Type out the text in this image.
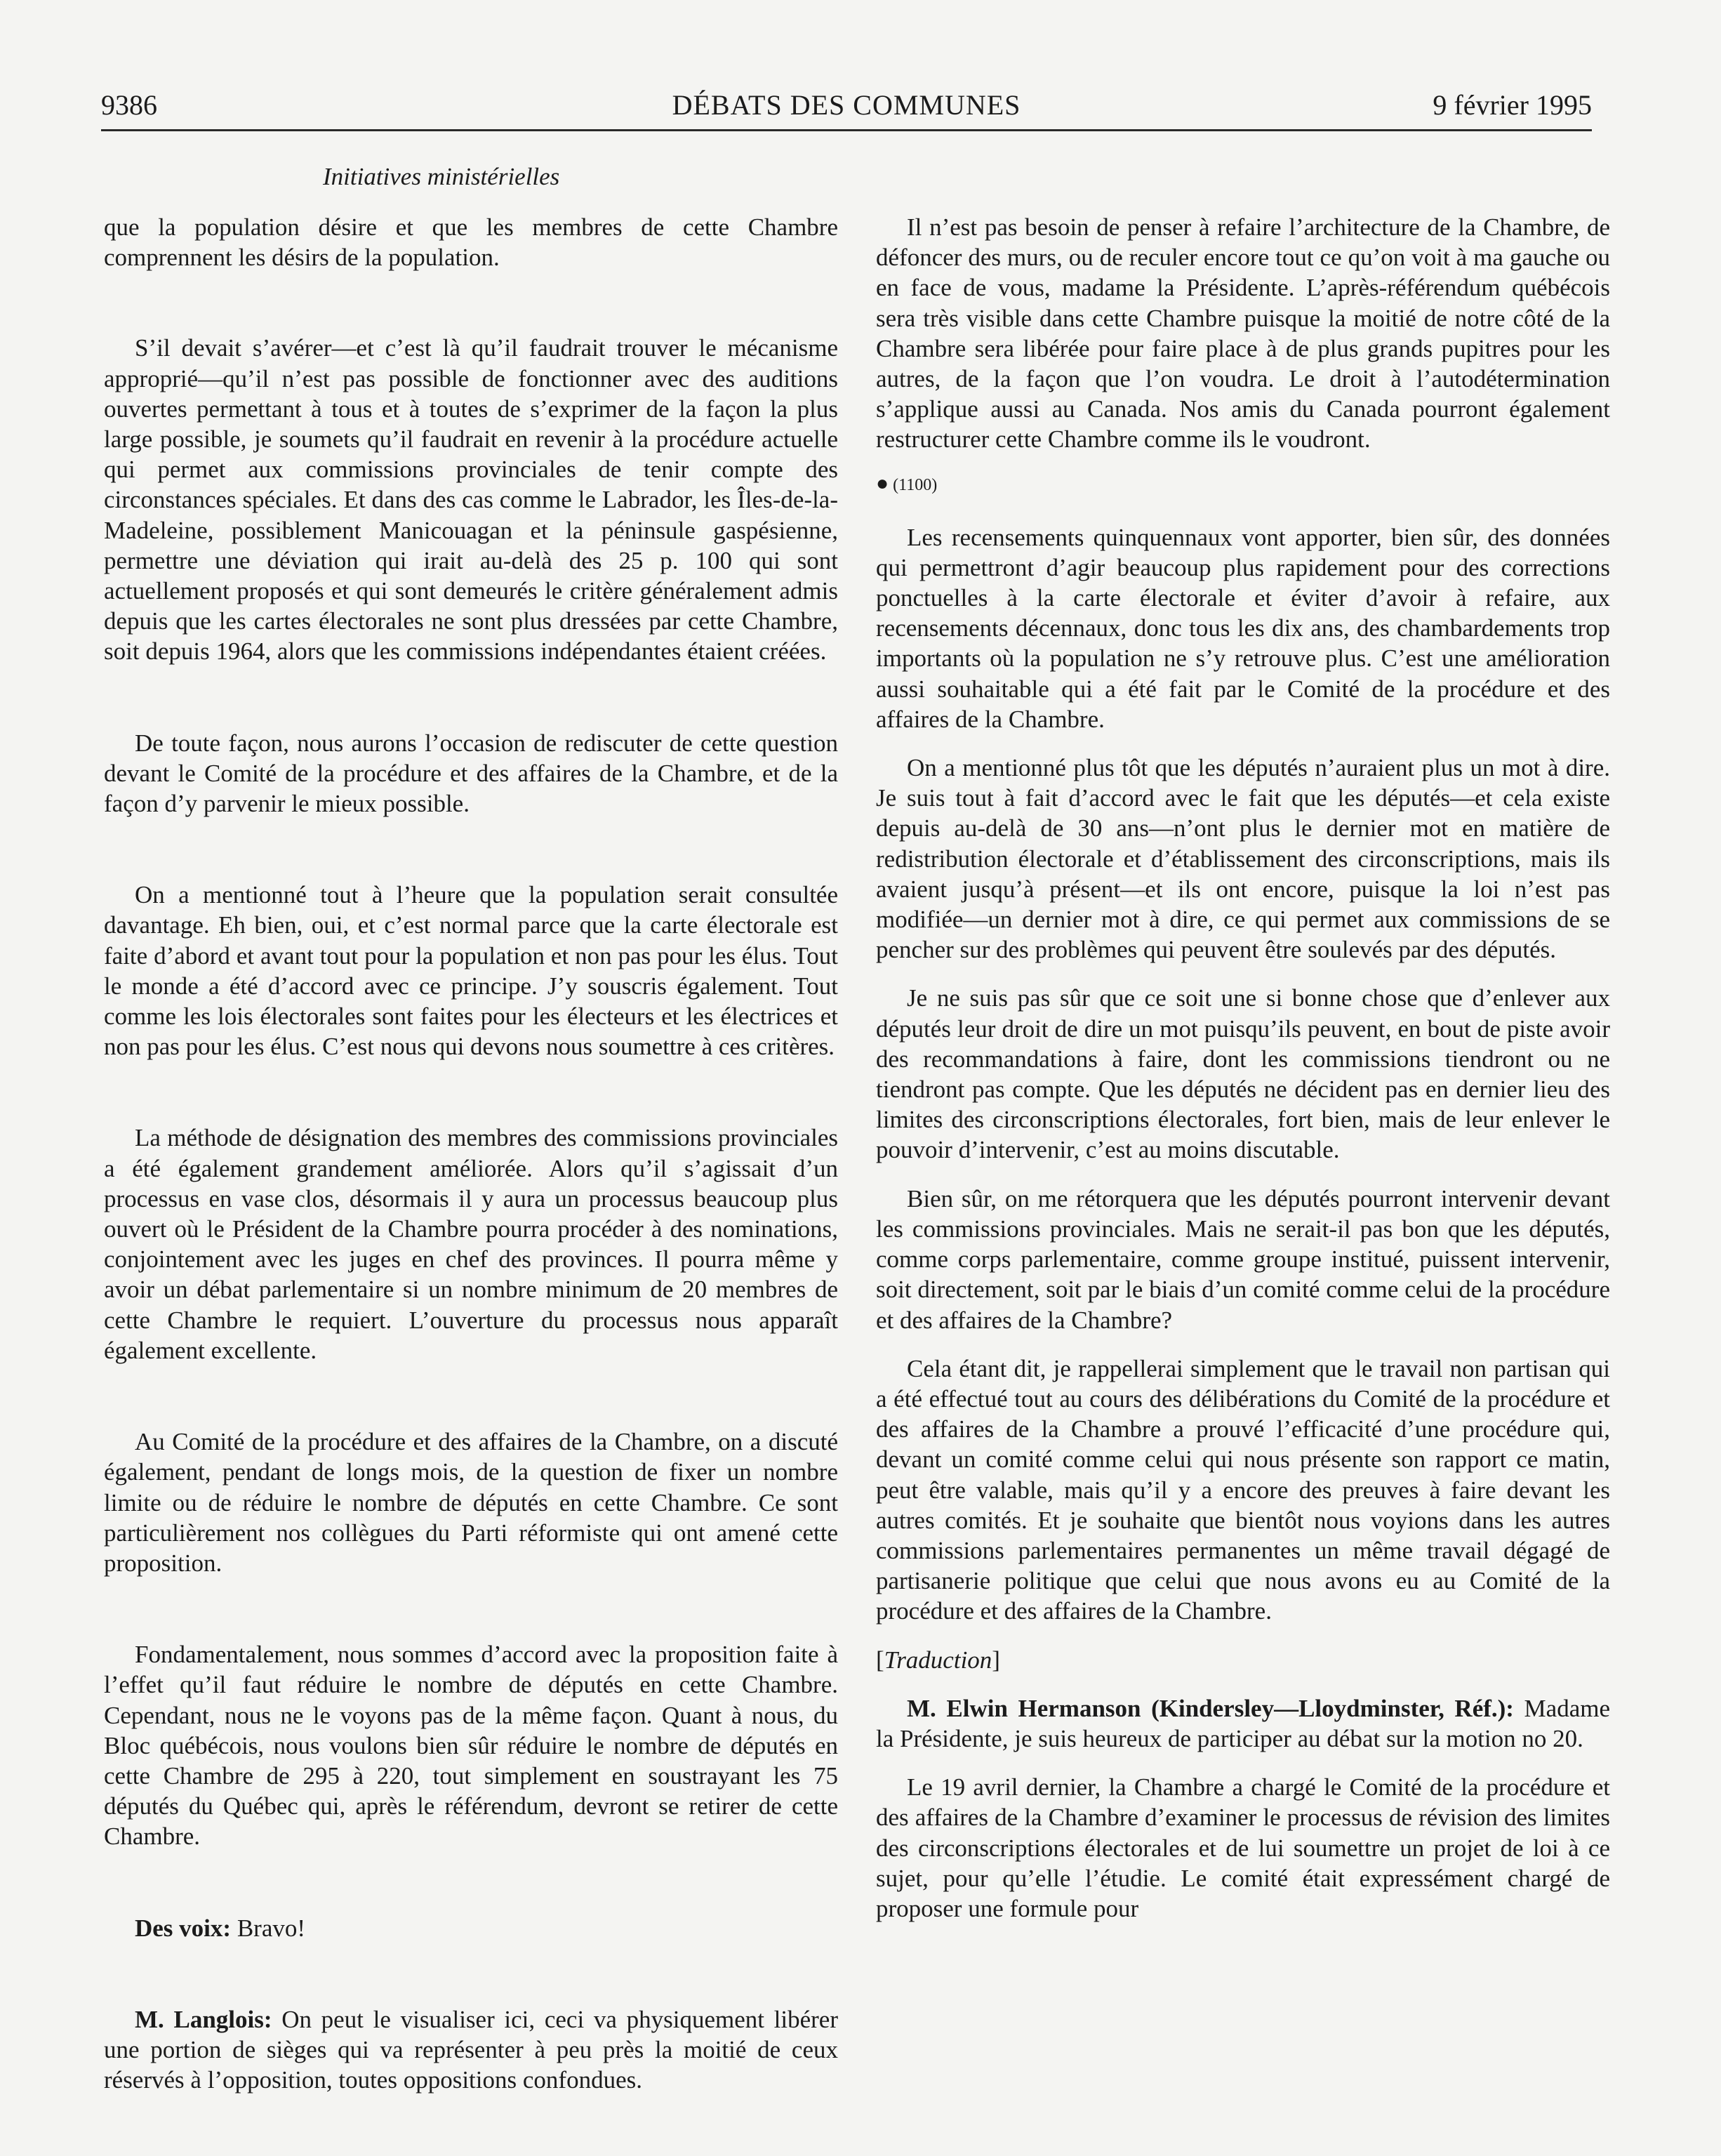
9386	DÉBATS DES COMMUNES	9 février 1995
Initiatives ministérielles

que la population désire et que les membres de cette Chambre comprennent les désirs de la population.

S’il devait s’avérer—et c’est là qu’il faudrait trouver le mécanisme approprié—qu’il n’est pas possible de fonctionner avec des auditions ouvertes permettant à tous et à toutes de s’exprimer de la façon la plus large possible, je soumets qu’il faudrait en revenir à la procédure actuelle qui permet aux commissions provinciales de tenir compte des circonstances spéciales. Et dans des cas comme le Labrador, les Îles-de-la-Madeleine, possiblement Manicouagan et la péninsule gaspésienne, permettre une déviation qui irait au-delà des 25 p. 100 qui sont actuellement proposés et qui sont demeurés le critère généralement admis depuis que les cartes électorales ne sont plus dressées par cette Chambre, soit depuis 1964, alors que les commissions indépendantes étaient créées.

De toute façon, nous aurons l’occasion de rediscuter de cette question devant le Comité de la procédure et des affaires de la Chambre, et de la façon d’y parvenir le mieux possible.

On a mentionné tout à l’heure que la population serait consultée davantage. Eh bien, oui, et c’est normal parce que la carte électorale est faite d’abord et avant tout pour la population et non pas pour les élus. Tout le monde a été d’accord avec ce principe. J’y souscris également. Tout comme les lois électorales sont faites pour les électeurs et les électrices et non pas pour les élus. C’est nous qui devons nous soumettre à ces critères.

La méthode de désignation des membres des commissions provinciales a été également grandement améliorée. Alors qu’il s’agissait d’un processus en vase clos, désormais il y aura un processus beaucoup plus ouvert où le Président de la Chambre pourra procéder à des nominations, conjointement avec les juges en chef des provinces. Il pourra même y avoir un débat parlementaire si un nombre minimum de 20 membres de cette Chambre le requiert. L’ouverture du processus nous apparaît également excellente.

Au Comité de la procédure et des affaires de la Chambre, on a discuté également, pendant de longs mois, de la question de fixer un nombre limite ou de réduire le nombre de députés en cette Chambre. Ce sont particulièrement nos collègues du Parti réformiste qui ont amené cette proposition.

Fondamentalement, nous sommes d’accord avec la proposition faite à l’effet qu’il faut réduire le nombre de députés en cette Chambre. Cependant, nous ne le voyons pas de la même façon. Quant à nous, du Bloc québécois, nous voulons bien sûr réduire le nombre de députés en cette Chambre de 295 à 220, tout simplement en soustrayant les 75 députés du Québec qui, après le référendum, devront se retirer de cette Chambre.

Des voix: Bravo!

M. Langlois: On peut le visualiser ici, ceci va physiquement libérer une portion de sièges qui va représenter à peu près la moitié de ceux réservés à l’opposition, toutes oppositions confondues.

Il n’est pas besoin de penser à refaire l’architecture de la Chambre, de défoncer des murs, ou de reculer encore tout ce qu’on voit à ma gauche ou en face de vous, madame la Présidente. L’après-référendum québécois sera très visible dans cette Chambre puisque la moitié de notre côté de la Chambre sera libérée pour faire place à de plus grands pupitres pour les autres, de la façon que l’on voudra. Le droit à l’autodétermination s’applique aussi au Canada. Nos amis du Canada pourront également restructurer cette Chambre comme ils le voudront.

● (1100)

Les recensements quinquennaux vont apporter, bien sûr, des données qui permettront d’agir beaucoup plus rapidement pour des corrections ponctuelles à la carte électorale et éviter d’avoir à refaire, aux recensements décennaux, donc tous les dix ans, des chambardements trop importants où la population ne s’y retrouve plus. C’est une amélioration aussi souhaitable qui a été fait par le Comité de la procédure et des affaires de la Chambre.

On a mentionné plus tôt que les députés n’auraient plus un mot à dire. Je suis tout à fait d’accord avec le fait que les députés—et cela existe depuis au-delà de 30 ans—n’ont plus le dernier mot en matière de redistribution électorale et d’établissement des circonscriptions, mais ils avaient jusqu’à présent—et ils ont encore, puisque la loi n’est pas modifiée—un dernier mot à dire, ce qui permet aux commissions de se pencher sur des problèmes qui peuvent être soulevés par des députés.

Je ne suis pas sûr que ce soit une si bonne chose que d’enlever aux députés leur droit de dire un mot puisqu’ils peuvent, en bout de piste avoir des recommandations à faire, dont les commissions tiendront ou ne tiendront pas compte. Que les députés ne décident pas en dernier lieu des limites des circonscriptions électorales, fort bien, mais de leur enlever le pouvoir d’intervenir, c’est au moins discutable.

Bien sûr, on me rétorquera que les députés pourront intervenir devant les commissions provinciales. Mais ne serait-il pas bon que les députés, comme corps parlementaire, comme groupe institué, puissent intervenir, soit directement, soit par le biais d’un comité comme celui de la procédure et des affaires de la Chambre?

Cela étant dit, je rappellerai simplement que le travail non partisan qui a été effectué tout au cours des délibérations du Comité de la procédure et des affaires de la Chambre a prouvé l’efficacité d’une procédure qui, devant un comité comme celui qui nous présente son rapport ce matin, peut être valable, mais qu’il y a encore des preuves à faire devant les autres comités. Et je souhaite que bientôt nous voyions dans les autres commissions parlementaires permanentes un même travail dégagé de partisanerie politique que celui que nous avons eu au Comité de la procédure et des affaires de la Chambre.

[Traduction]

M. Elwin Hermanson (Kindersley—Lloydminster, Réf.): Madame la Présidente, je suis heureux de participer au débat sur la motion no 20.

Le 19 avril dernier, la Chambre a chargé le Comité de la procédure et des affaires de la Chambre d’examiner le processus de révision des limites des circonscriptions électorales et de lui soumettre un projet de loi à ce sujet, pour qu’elle l’étudie. Le comité était expressément chargé de proposer une formule pour
